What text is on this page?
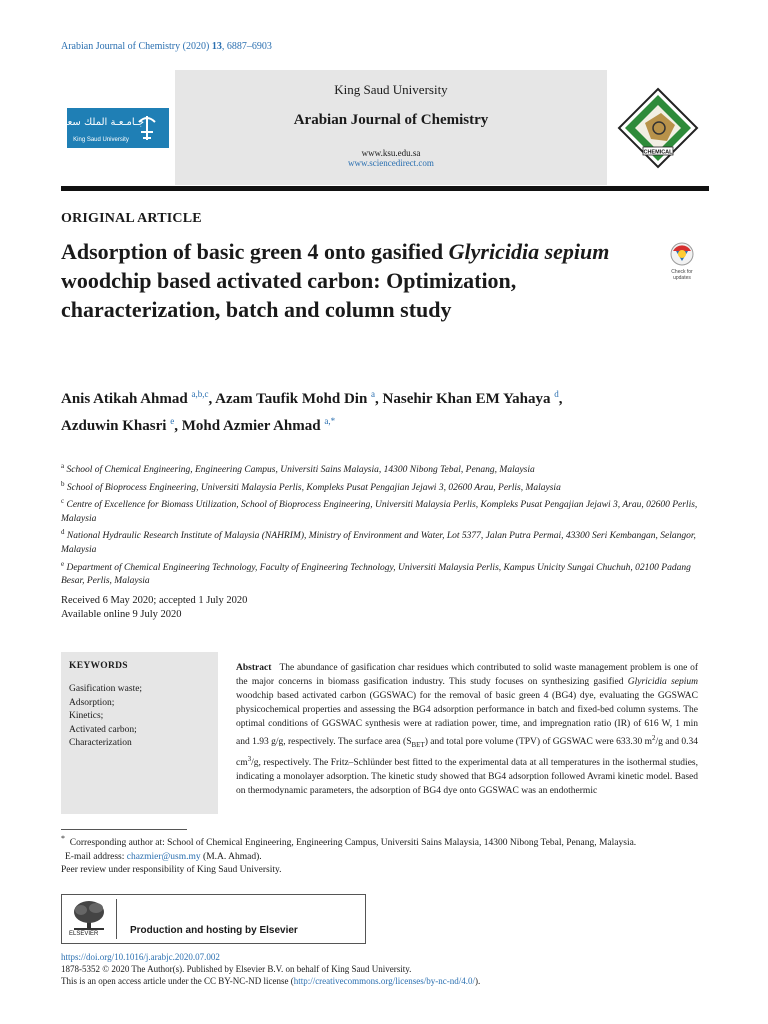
Arabian Journal of Chemistry (2020) 13, 6887–6903
جـامـعـة الملك سعود
King Saud University
King Saud University
Arabian Journal of Chemistry
www.ksu.edu.sa
www.sciencedirect.com
CHEMICAL
ORIGINAL ARTICLE
Adsorption of basic green 4 onto gasified Glyricidia sepium woodchip based activated carbon: Optimization, characterization, batch and column study
Check for updates
Anis Atikah Ahmad $^{a,b,c}$, Azam Taufik Mohd Din $^a$, Nasehir Khan EM Yahaya $^d$,
Azduwin Khasri $^e$, Mohd Azmier Ahmad $^{a,*}$
$^a$ School of Chemical Engineering, Engineering Campus, Universiti Sains Malaysia, 14300 Nibong Tebal, Penang, Malaysia
$^b$ School of Bioprocess Engineering, Universiti Malaysia Perlis, Kompleks Pusat Pengajian Jejawi 3, 02600 Arau, Perlis, Malaysia
$^c$ Centre of Excellence for Biomass Utilization, School of Bioprocess Engineering, Universiti Malaysia Perlis, Kompleks Pusat Pengajian Jejawi 3, Arau, 02600 Perlis, Malaysia
$^d$ National Hydraulic Research Institute of Malaysia (NAHRIM), Ministry of Environment and Water, Lot 5377, Jalan Putra Permai, 43300 Seri Kembangan, Selangor, Malaysia
$^e$ Department of Chemical Engineering Technology, Faculty of Engineering Technology, Universiti Malaysia Perlis, Kampus Unicity Sungai Chuchuh, 02100 Padang Besar, Perlis, Malaysia
Received 6 May 2020; accepted 1 July 2020
Available online 9 July 2020
KEYWORDS
Gasification waste;
Adsorption;
Kinetics;
Activated carbon;
Characterization
Abstract The abundance of gasification char residues which contributed to solid waste management problem is one of the major concerns in biomass gasification industry. This study focuses on synthesizing gasified Glyricidia sepium woodchip based activated carbon (GGSWAC) for the removal of basic green 4 (BG4) dye, evaluating the GGSWAC physicochemical properties and assessing the BG4 adsorption performance in batch and fixed-bed column systems. The optimal conditions of GGSWAC synthesis were at radiation power, time, and impregnation ratio (IR) of 616 W, 1 min and 1.93 g/g, respectively. The surface area $(S_{BET})$ and total pore volume (TPV) of GGSWAC were 633.30 $m^2/g$ and 0.34 $cm^3/g$, respectively. The Fritz–Schlünder best fitted to the experimental data at all temperatures in the isothermal studies, indicating a monolayer adsorption. The kinetic study showed that BG4 adsorption followed Avrami kinetic model. Based on thermodynamic parameters, the adsorption of BG4 dye onto GGSWAC was an endothermic
* Corresponding author at: School of Chemical Engineering, Engineering Campus, Universiti Sains Malaysia, 14300 Nibong Tebal, Penang, Malaysia.
E-mail address: chazmier@usm.my (M.A. Ahmad).
Peer review under responsibility of King Saud University.
ELSEVIER	Production and hosting by Elsevier
https://doi.org/10.1016/j.arabjc.2020.07.002
1878-5352 © 2020 The Author(s). Published by Elsevier B.V. on behalf of King Saud University.
This is an open access article under the CC BY-NC-ND license (http://creativecommons.org/licenses/by-nc-nd/4.0/).
